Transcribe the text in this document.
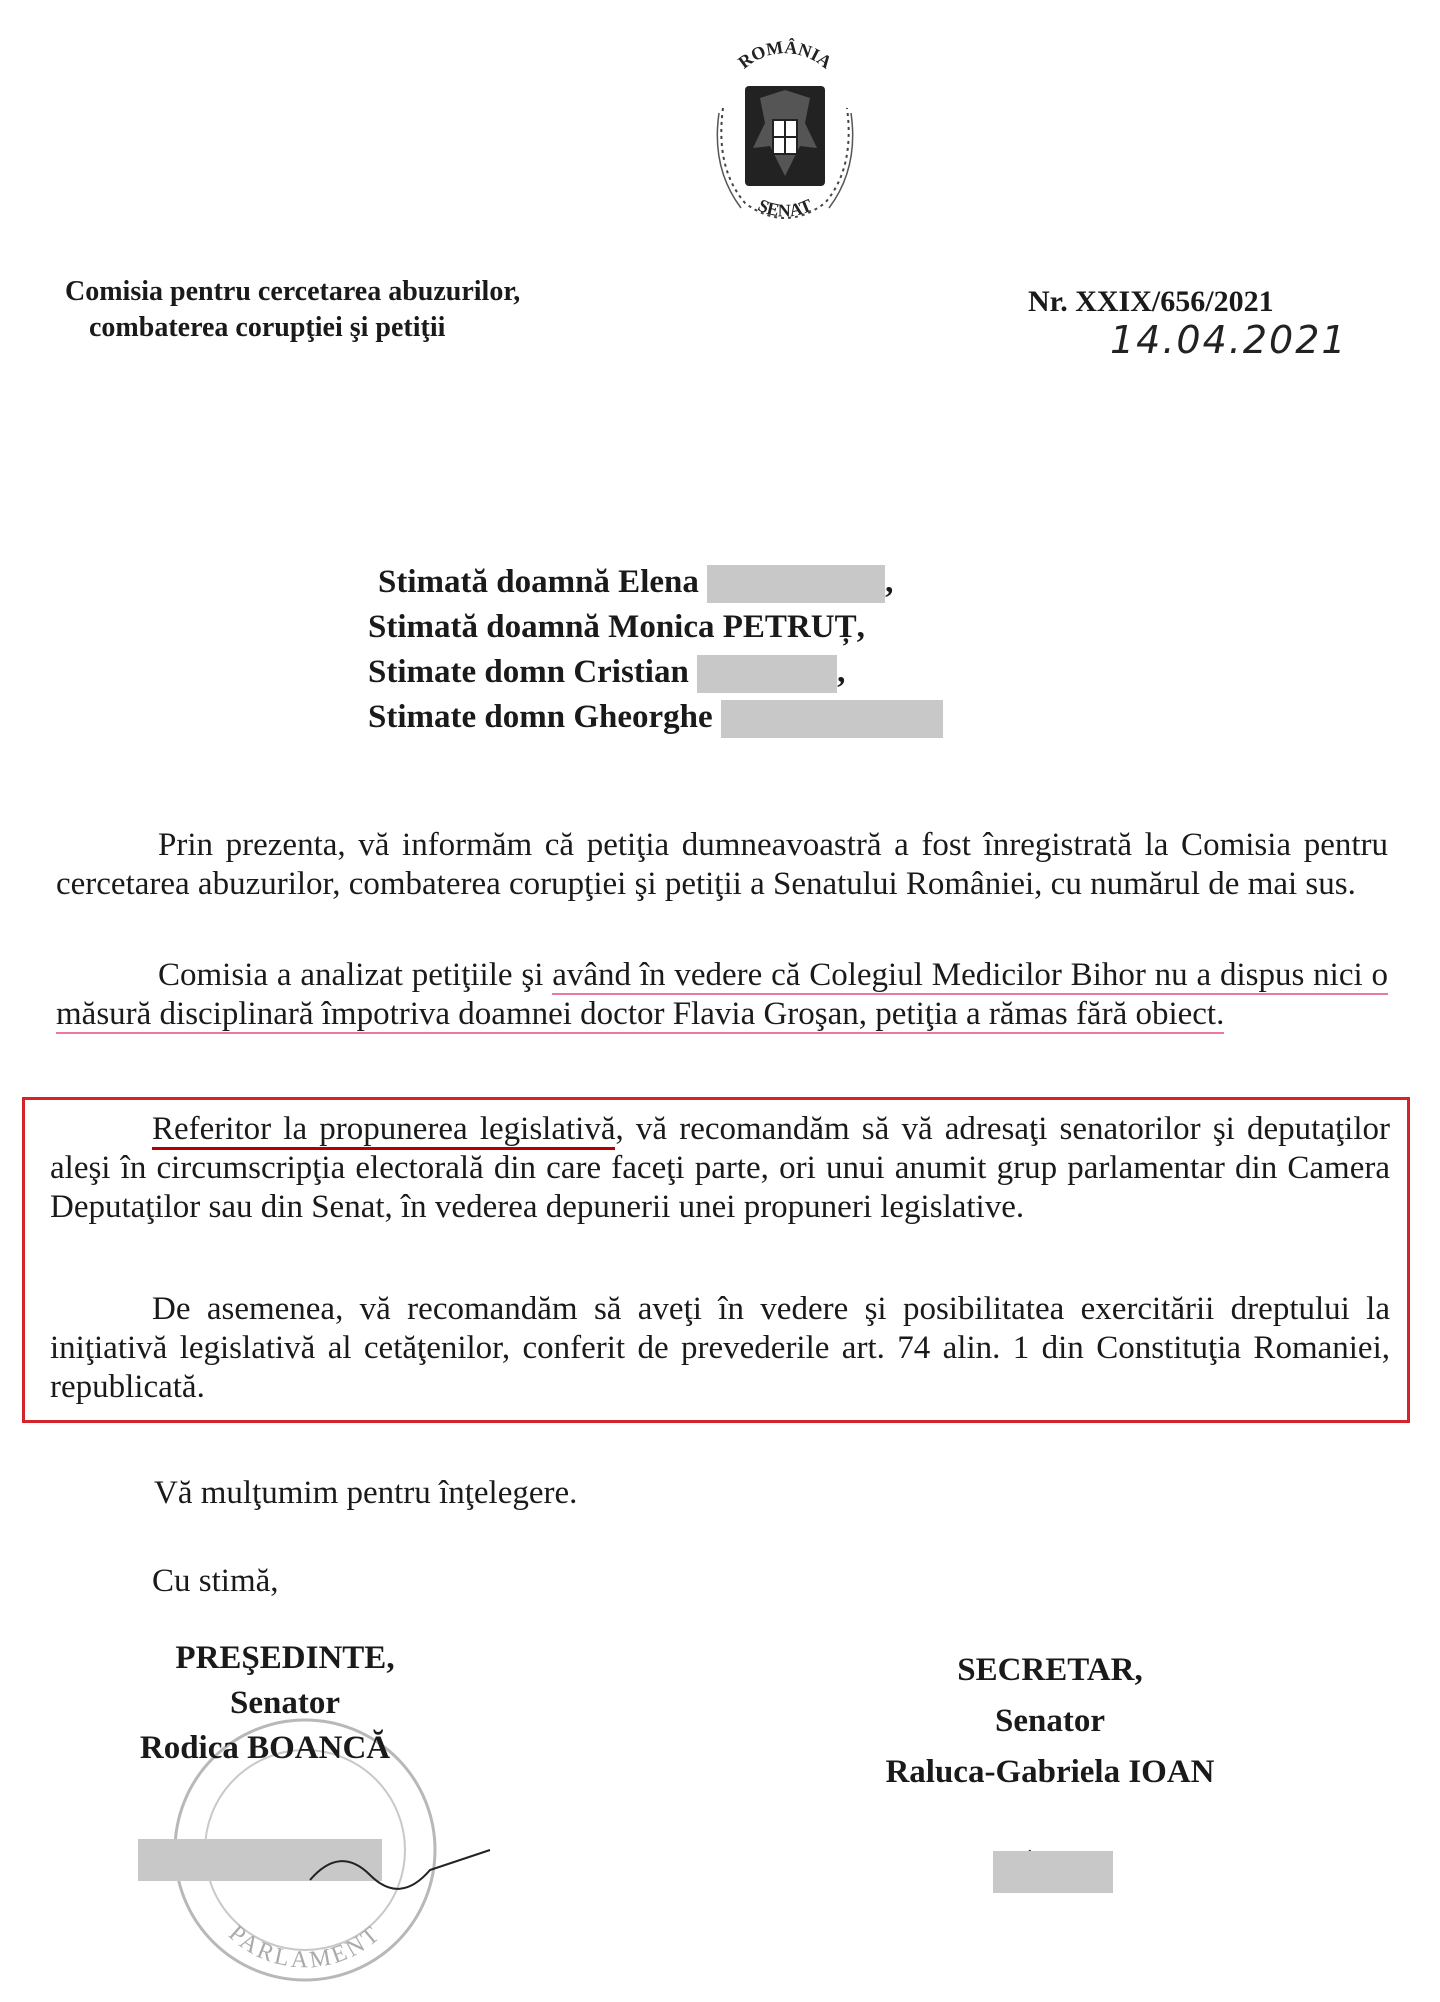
ROMÂNIA
SENAT
Comisia pentru cercetarea abuzurilor,
combaterea corupţiei şi petiţii
Nr. XXIX/656/2021
14.04.2021
Stimată doamnă Elena	,
Stimată doamnă Monica PETRUȚ,
Stimate domn Cristian	,
Stimate domn Gheorghe
Prin prezenta, vă informăm că petiţia dumneavoastră a fost înregistrată la Comisia pentru cercetarea abuzurilor, combaterea corupţiei şi petiţii a Senatului României, cu numărul de mai sus.
Comisia a analizat petiţiile şi având în vedere că Colegiul Medicilor Bihor nu a dispus nici o măsură disciplinară împotriva doamnei doctor Flavia Groşan, petiţia a rămas fără obiect.
Referitor la propunerea legislativă, vă recomandăm să vă adresaţi senatorilor şi deputaţilor aleşi în circumscripţia electorală din care faceţi parte, ori unui anumit grup parlamentar din Camera Deputaţilor sau din Senat, în vederea depunerii unei propuneri legislative.
De asemenea, vă recomandăm să aveţi în vedere şi posibilitatea exercitării dreptului la iniţiativă legislativă al cetăţenilor, conferit de prevederile art. 74 alin. 1 din Constituţia Romaniei, republicată.
Vă mulţumim pentru înţelegere.
Cu stimă,
PARLAMENT
PREŞEDINTE,
Senator
Rodica BOANCĂ
SECRETAR,
Senator
Raluca-Gabriela IOAN
